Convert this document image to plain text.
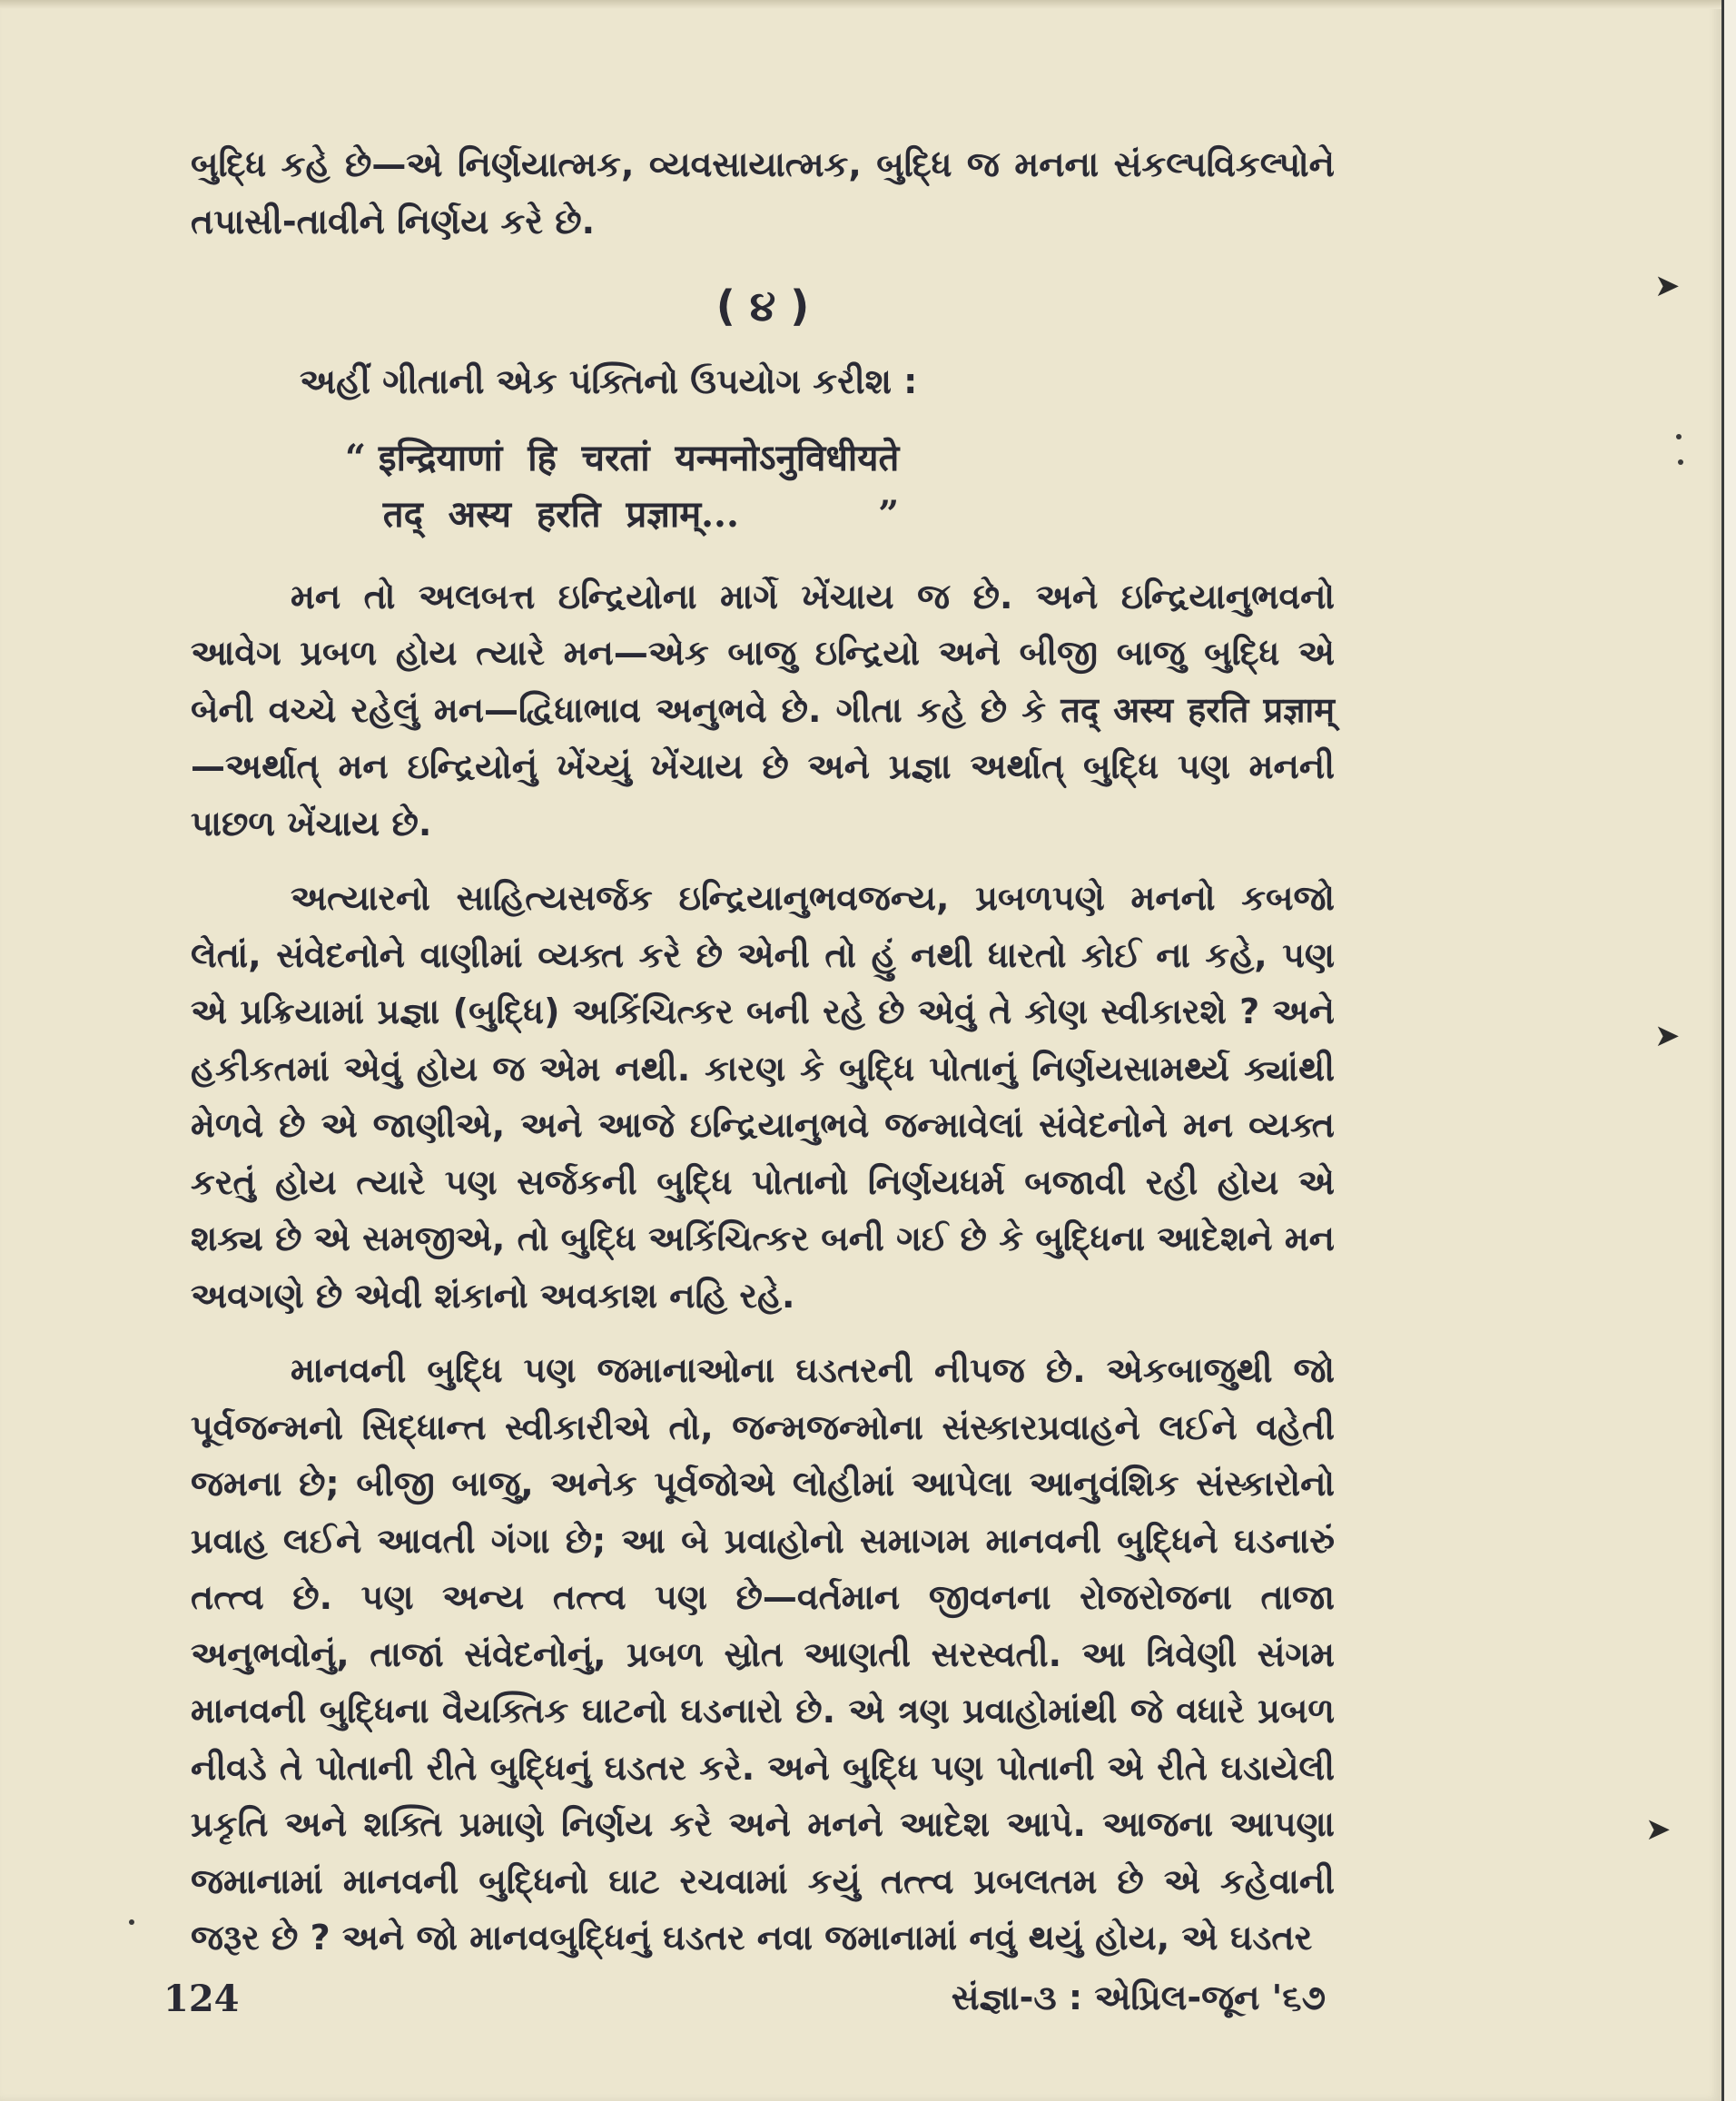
બુદ્ધિ કહે છે—એ નિર્ણયાત્મક, વ્યવસાયાત્મક, બુદ્ધિ જ મનના સંકલ્પવિકલ્પોને તપાસી-તાવીને નિર્ણય કરે છે.

( ૪ )

અહીં ગીતાની એક પંક્તિનો ઉપયોગ કરીશ :

“ इन्द्रियाणां  हि  चरतां  यन्मनोऽनुविधीयते
तद्  अस्य  हरति  प्रज्ञाम्...           ”

મન તો અલબત્ત ઇન્દ્રિયોના માર્ગે ખેંચાય જ છે. અને ઇન્દ્રિયાનુભવનો આવેગ પ્રબળ હોય ત્યારે મન—એક બાજુ ઇન્દ્રિયો અને બીજી બાજુ બુદ્ધિ એ બેની વચ્ચે રહેલું મન—દ્વિધાભાવ અનુભવે છે. ગીતા કહે છે કે तद् अस्य हरति प्रज्ञाम्—અર્થાત્ મન ઇન્દ્રિયોનું ખેંચ્યું ખેંચાય છે અને પ્રજ્ઞા અર્થાત્ બુદ્ધિ પણ મનની પાછળ ખેંચાય છે.

અત્યારનો સાહિત્યસર્જક ઇન્દ્રિયાનુભવજન્ય, પ્રબળપણે મનનો કબજો લેતાં, સંવેદનોને વાણીમાં વ્યક્ત કરે છે એની તો હું નથી ધારતો કોઈ ના કહે, પણ એ પ્રક્રિયામાં પ્રજ્ઞા (બુદ્ધિ) અકિંચિત્કર બની રહે છે એવું તે કોણ સ્વીકારશે ? અને હકીકતમાં એવું હોય જ એમ નથી. કારણ કે બુદ્ધિ પોતાનું નિર્ણયસામર્થ્ય ક્યાંથી મેળવે છે એ જાણીએ, અને આજે ઇન્દ્રિયાનુભવે જન્માવેલાં સંવેદનોને મન વ્યક્ત કરતું હોય ત્યારે પણ સર્જકની બુદ્ધિ પોતાનો નિર્ણયધર્મ બજાવી રહી હોય એ શક્ય છે એ સમજીએ, તો બુદ્ધિ અકિંચિત્કર બની ગઈ છે કે બુદ્ધિના આદેશને મન અવગણે છે એવી શંકાનો અવકાશ નહિ રહે.

માનવની બુદ્ધિ પણ જમાનાઓના ઘડતરની નીપજ છે. એકબાજુથી જો પૂર્વજન્મનો સિદ્ધાન્ત સ્વીકારીએ તો, જન્મજન્મોના સંસ્કારપ્રવાહને લઈને વહેતી જમના છે; બીજી બાજુ, અનેક પૂર્વજોએ લોહીમાં આપેલા આનુવંશિક સંસ્કારોનો પ્રવાહ લઈને આવતી ગંગા છે; આ બે પ્રવાહોનો સમાગમ માનવની બુદ્ધિને ઘડનારું તત્ત્વ છે. પણ અન્ય તત્ત્વ પણ છે—વર્તમાન જીવનના રોજરોજના તાજા અનુભવોનું, તાજાં સંવેદનોનું, પ્રબળ સ્રોત આણતી સરસ્વતી. આ ત્રિવેણી સંગમ માનવની બુદ્ધિના વૈયક્તિક ઘાટનો ઘડનારો છે. એ ત્રણ પ્રવાહોમાંથી જે વધારે પ્રબળ નીવડે તે પોતાની રીતે બુદ્ધિનું ઘડતર કરે. અને બુદ્ધિ પણ પોતાની એ રીતે ઘડાયેલી પ્રકૃતિ અને શક્તિ પ્રમાણે નિર્ણય કરે અને મનને આદેશ આપે. આજના આપણા જમાનામાં માનવની બુદ્ધિનો ઘાટ રચવામાં કયું તત્ત્વ પ્રબલતમ છે એ કહેવાની જરૂર છે ? અને જો માનવબુદ્ધિનું ઘડતર નવા જમાનામાં નવું થયું હોય, એ ઘડતર

124	સંજ્ઞા-૩ : એપ્રિલ-જૂન '૬૭
➤
➤
➤
